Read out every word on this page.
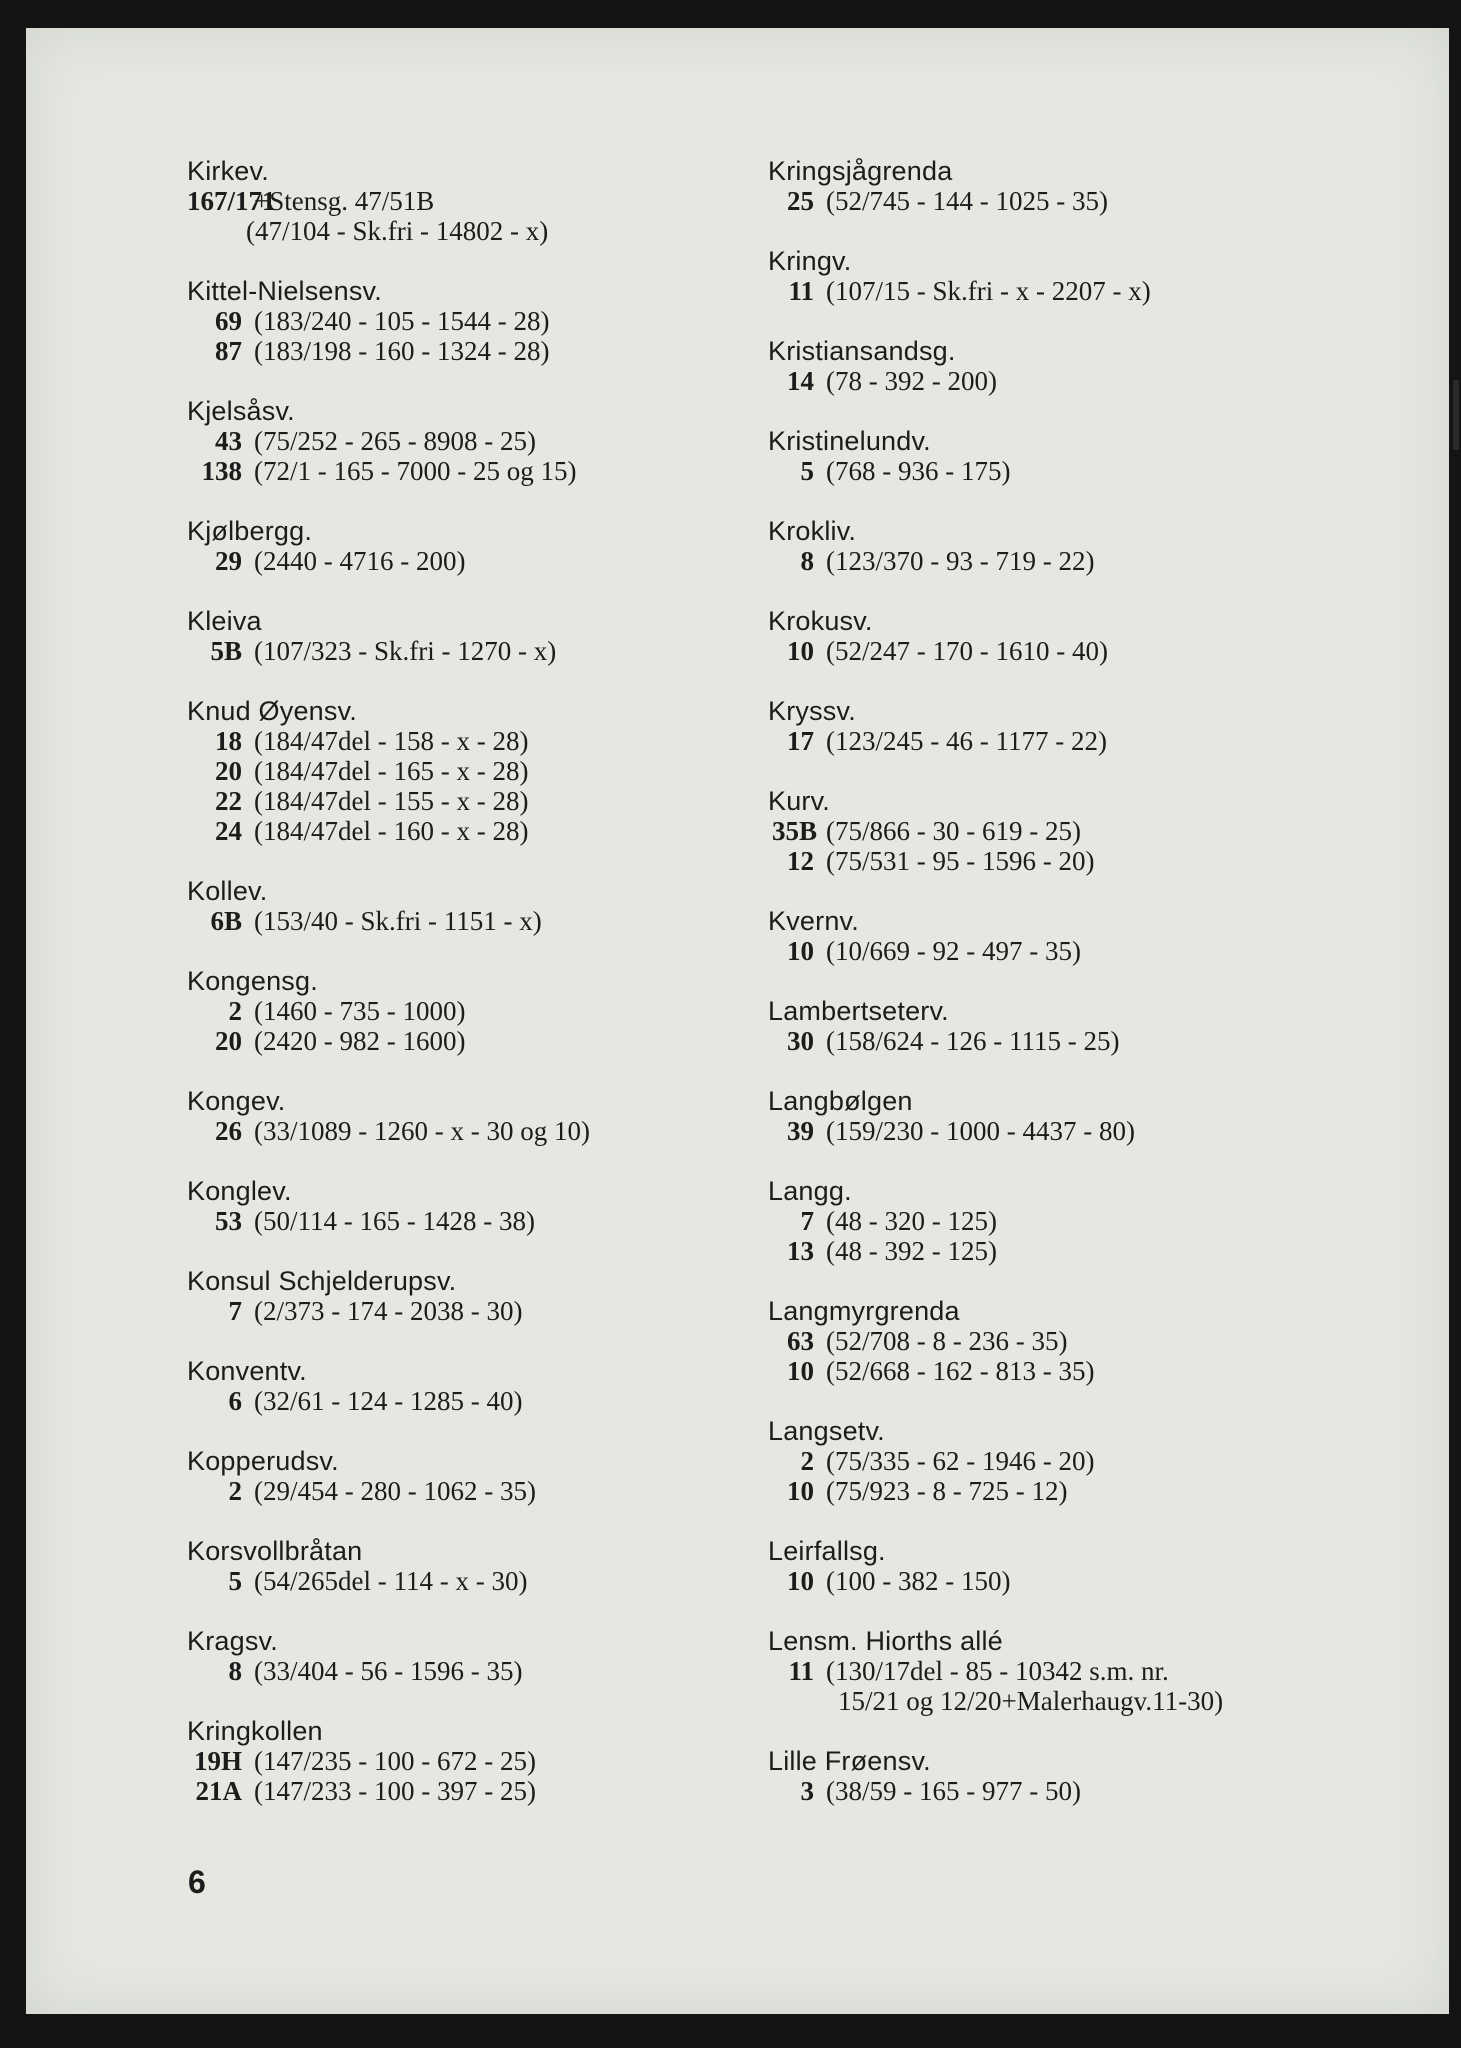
Kirkev.
167/171+Stensg. 47/51B
(47/104 - Sk.fri - 14802 - x)
Kittel-Nielsensv.
69 (183/240 - 105 - 1544 - 28)
87 (183/198 - 160 - 1324 - 28)
Kjelsåsv.
43 (75/252 - 265 - 8908 - 25)
138 (72/1 - 165 - 7000 - 25 og 15)
Kjølbergg.
29 (2440 - 4716 - 200)
Kleiva
5B (107/323 - Sk.fri - 1270 - x)
Knud Øyensv.
18 (184/47del - 158 - x - 28)
20 (184/47del - 165 - x - 28)
22 (184/47del - 155 - x - 28)
24 (184/47del - 160 - x - 28)
Kollev.
6B (153/40 - Sk.fri - 1151 - x)
Kongensg.
2 (1460 - 735 - 1000)
20 (2420 - 982 - 1600)
Kongev.
26 (33/1089 - 1260 - x - 30 og 10)
Konglev.
53 (50/114 - 165 - 1428 - 38)
Konsul Schjelderupsv.
7 (2/373 - 174 - 2038 - 30)
Konventv.
6 (32/61 - 124 - 1285 - 40)
Kopperudsv.
2 (29/454 - 280 - 1062 - 35)
Korsvollbråtan
5 (54/265del - 114 - x - 30)
Kragsv.
8 (33/404 - 56 - 1596 - 35)
Kringkollen
19H (147/235 - 100 - 672 - 25)
21A (147/233 - 100 - 397 - 25)
Kringsjågrenda
25 (52/745 - 144 - 1025 - 35)
Kringv.
11 (107/15 - Sk.fri - x - 2207 - x)
Kristiansandsg.
14 (78 - 392 - 200)
Kristinelundv.
5 (768 - 936 - 175)
Krokliv.
8 (123/370 - 93 - 719 - 22)
Krokusv.
10 (52/247 - 170 - 1610 - 40)
Kryssv.
17 (123/245 - 46 - 1177 - 22)
Kurv.
35B (75/866 - 30 - 619 - 25)
12 (75/531 - 95 - 1596 - 20)
Kvernv.
10 (10/669 - 92 - 497 - 35)
Lambertseterv.
30 (158/624 - 126 - 1115 - 25)
Langbølgen
39 (159/230 - 1000 - 4437 - 80)
Langg.
7 (48 - 320 - 125)
13 (48 - 392 - 125)
Langmyrgrenda
63 (52/708 - 8 - 236 - 35)
10 (52/668 - 162 - 813 - 35)
Langsetv.
2 (75/335 - 62 - 1946 - 20)
10 (75/923 - 8 - 725 - 12)
Leirfallsg.
10 (100 - 382 - 150)
Lensm. Hiorths allé
11 (130/17del - 85 - 10342 s.m. nr.
15/21 og 12/20+Malerhaugv.11-30)
Lille Frøensv.
3 (38/59 - 165 - 977 - 50)
6
